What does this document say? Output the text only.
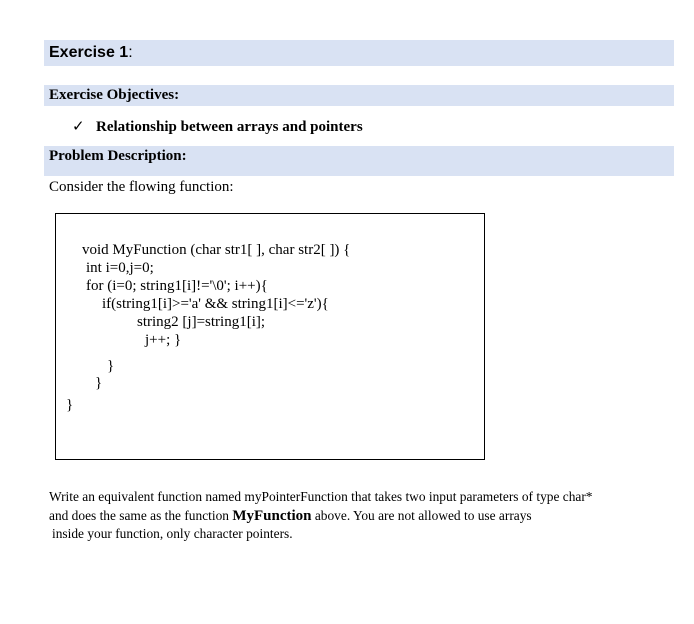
Exercise 1:
Exercise Objectives:
✓ Relationship between arrays and pointers
Problem Description:
Consider the flowing function:
void MyFunction (char str1[ ], char str2[ ]) {
int i=0,j=0;
for (i=0; string1[i]!='\0'; i++){
if(string1[i]>='a' && string1[i]<='z'){
string2 [j]=string1[i];
j++; }
}
}
}
Write an equivalent function named myPointerFunction that takes two input parameters of type char*
and does the same as the function MyFunction above. You are not allowed to use arrays
inside your function, only character pointers.
